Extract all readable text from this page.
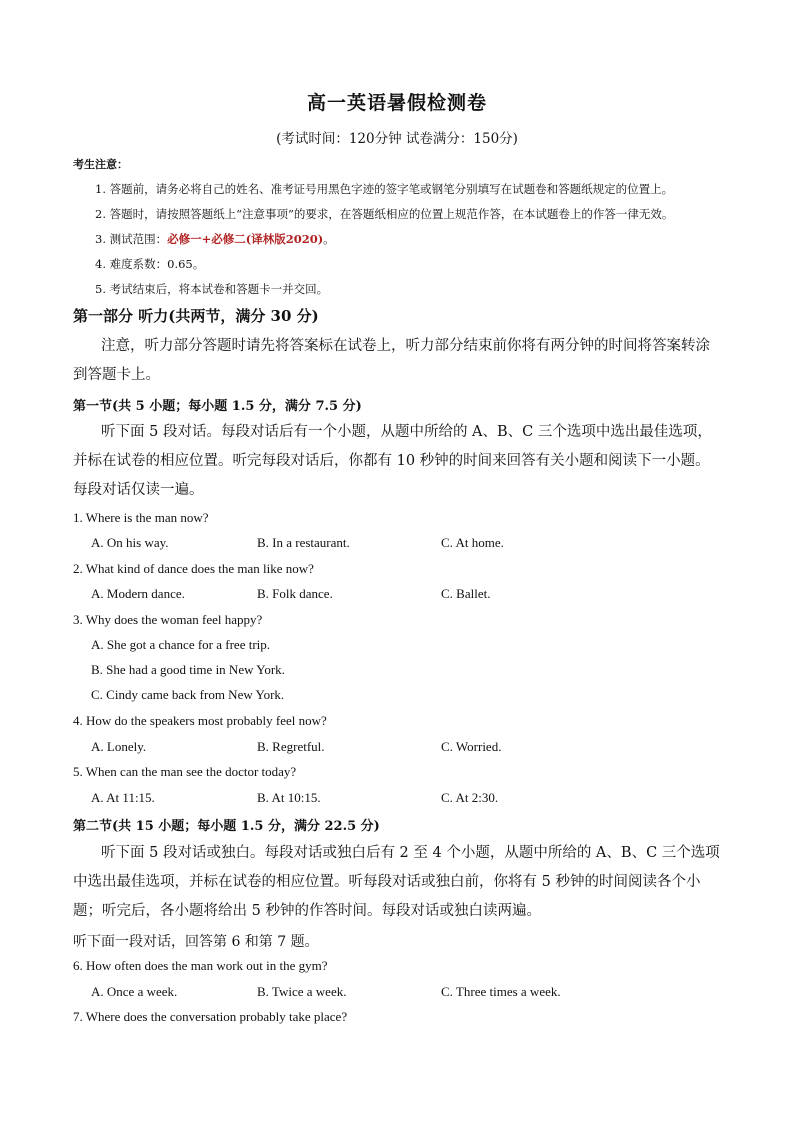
高一英语暑假检测卷
(考试时间：120分钟 试卷满分：150分)
考生注意：
1. 答题前，请务必将自己的姓名、准考证号用黑色字迹的签字笔或钢笔分别填写在试题卷和答题纸规定的位置上。
2. 答题时，请按照答题纸上“注意事项”的要求，在答题纸相应的位置上规范作答，在本试题卷上的作答一律无效。
3. 测试范围：必修一+必修二(译林版2020)。
4. 难度系数：0.65。
5. 考试结束后，将本试卷和答题卡一并交回。
第一部分 听力(共两节，满分 30 分)
注意，听力部分答题时请先将答案标在试卷上，听力部分结束前你将有两分钟的时间将答案转涂到答题卡上。
第一节(共 5 小题；每小题 1.5 分，满分 7.5 分)
听下面 5 段对话。每段对话后有一个小题，从题中所给的 A、B、C 三个选项中选出最佳选项，并标在试卷的相应位置。听完每段对话后，你都有 10 秒钟的时间来回答有关小题和阅读下一小题。每段对话仅读一遍。
1. Where is the man now?
A. On his way.	B. In a restaurant.	C. At home.
2. What kind of dance does the man like now?
A. Modern dance.	B. Folk dance.	C. Ballet.
3. Why does the woman feel happy?
A. She got a chance for a free trip.
B. She had a good time in New York.
C. Cindy came back from New York.
4. How do the speakers most probably feel now?
A. Lonely.	B. Regretful.	C. Worried.
5. When can the man see the doctor today?
A. At 11:15.	B. At 10:15.	C. At 2:30.
第二节(共 15 小题；每小题 1.5 分，满分 22.5 分)
听下面 5 段对话或独白。每段对话或独白后有 2 至 4 个小题，从题中所给的 A、B、C 三个选项中选出最佳选项，并标在试卷的相应位置。听每段对话或独白前，你将有 5 秒钟的时间阅读各个小题；听完后，各小题将给出 5 秒钟的作答时间。每段对话或独白读两遍。
听下面一段对话，回答第 6 和第 7 题。
6. How often does the man work out in the gym?
A. Once a week.	B. Twice a week.	C. Three times a week.
7. Where does the conversation probably take place?
